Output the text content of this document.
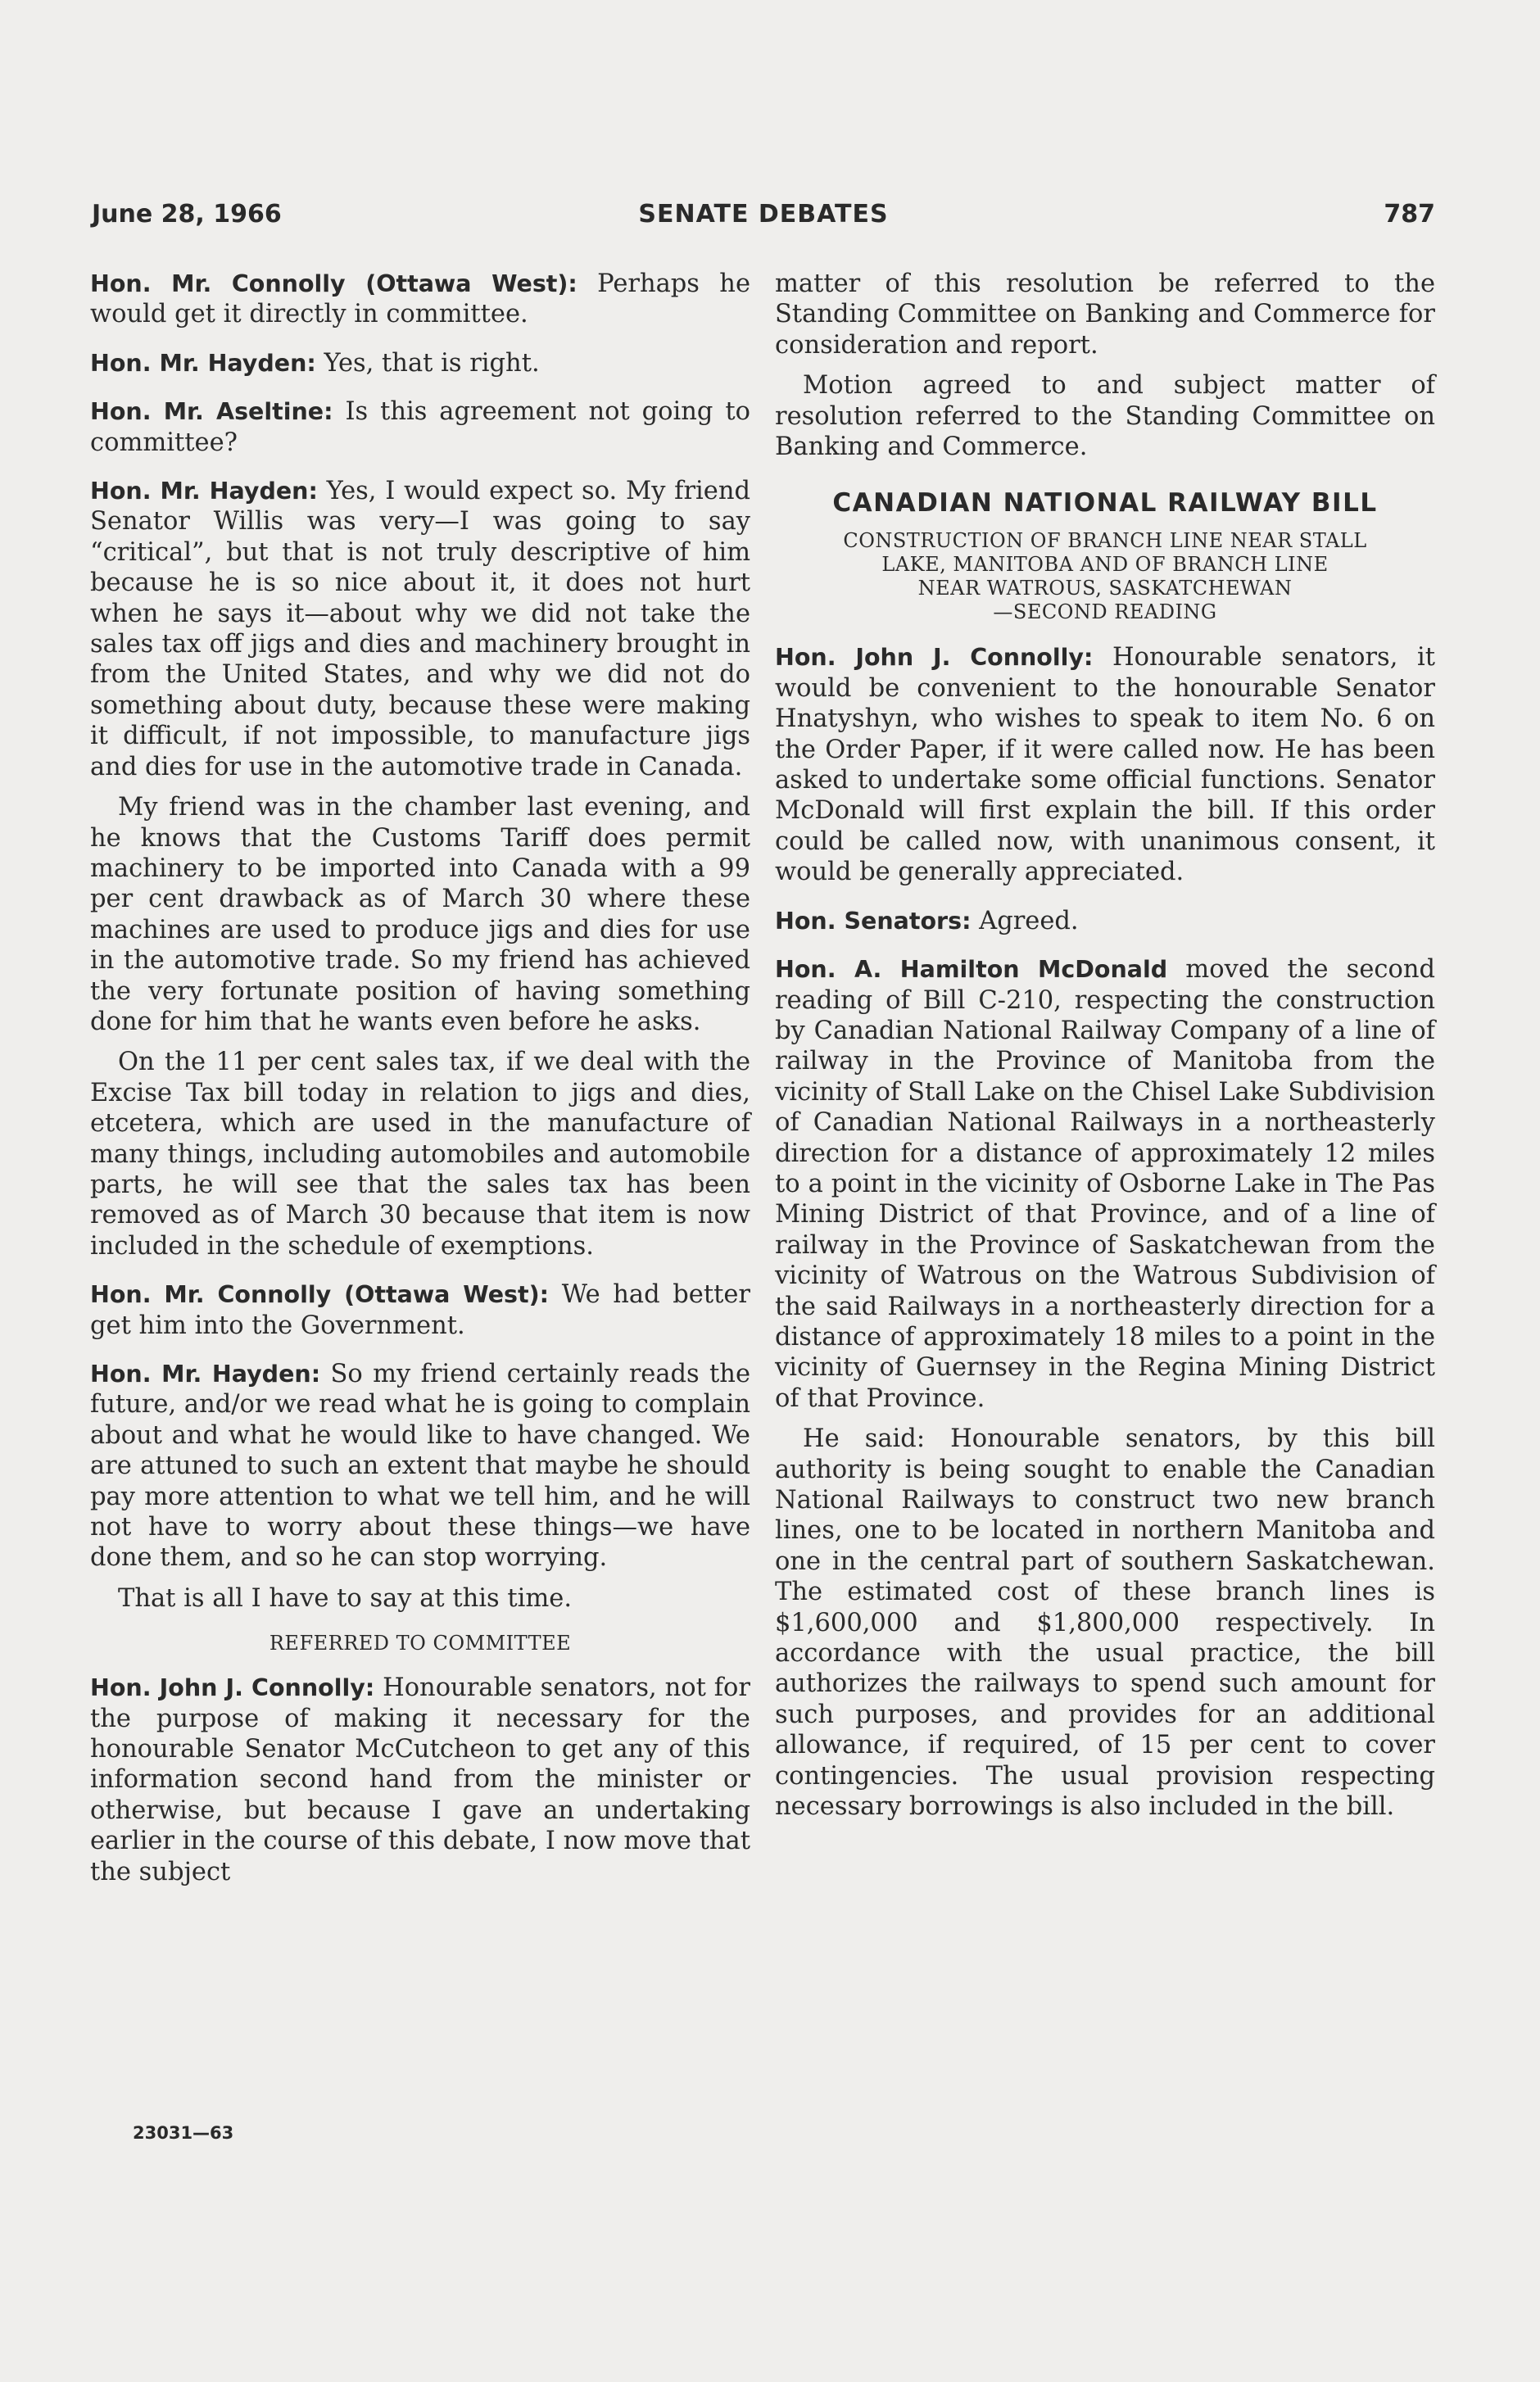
June 28, 1966	SENATE DEBATES	787

Hon. Mr. Connolly (Ottawa West): Perhaps he would get it directly in committee.

Hon. Mr. Hayden: Yes, that is right.

Hon. Mr. Aseltine: Is this agreement not going to committee?

Hon. Mr. Hayden: Yes, I would expect so. My friend Senator Willis was very—I was going to say “critical”, but that is not truly descriptive of him because he is so nice about it, it does not hurt when he says it—about why we did not take the sales tax off jigs and dies and machinery brought in from the United States, and why we did not do something about duty, because these were making it difficult, if not impossible, to manufacture jigs and dies for use in the automotive trade in Canada.

My friend was in the chamber last evening, and he knows that the Customs Tariff does permit machinery to be imported into Canada with a 99 per cent drawback as of March 30 where these machines are used to produce jigs and dies for use in the automotive trade. So my friend has achieved the very fortunate position of having something done for him that he wants even before he asks.

On the 11 per cent sales tax, if we deal with the Excise Tax bill today in relation to jigs and dies, etcetera, which are used in the manufacture of many things, including automobiles and automobile parts, he will see that the sales tax has been removed as of March 30 because that item is now included in the schedule of exemptions.

Hon. Mr. Connolly (Ottawa West): We had better get him into the Government.

Hon. Mr. Hayden: So my friend certainly reads the future, and/or we read what he is going to complain about and what he would like to have changed. We are attuned to such an extent that maybe he should pay more attention to what we tell him, and he will not have to worry about these things—we have done them, and so he can stop worrying.

That is all I have to say at this time.

REFERRED TO COMMITTEE

Hon. John J. Connolly: Honourable senators, not for the purpose of making it necessary for the honourable Senator McCutcheon to get any of this information second hand from the minister or otherwise, but because I gave an undertaking earlier in the course of this debate, I now move that the subject

matter of this resolution be referred to the Standing Committee on Banking and Commerce for consideration and report.

Motion agreed to and subject matter of resolution referred to the Standing Committee on Banking and Commerce.

CANADIAN NATIONAL RAILWAY BILL
CONSTRUCTION OF BRANCH LINE NEAR STALL
LAKE, MANITOBA AND OF BRANCH LINE
NEAR WATROUS, SASKATCHEWAN
—SECOND READING

Hon. John J. Connolly: Honourable senators, it would be convenient to the honourable Senator Hnatyshyn, who wishes to speak to item No. 6 on the Order Paper, if it were called now. He has been asked to undertake some official functions. Senator McDonald will first explain the bill. If this order could be called now, with unanimous consent, it would be generally appreciated.

Hon. Senators: Agreed.

Hon. A. Hamilton McDonald moved the second reading of Bill C-210, respecting the construction by Canadian National Railway Company of a line of railway in the Province of Manitoba from the vicinity of Stall Lake on the Chisel Lake Subdivision of Canadian National Railways in a northeasterly direction for a distance of approximately 12 miles to a point in the vicinity of Osborne Lake in The Pas Mining District of that Province, and of a line of railway in the Province of Saskatchewan from the vicinity of Watrous on the Watrous Subdivision of the said Railways in a northeasterly direction for a distance of approximately 18 miles to a point in the vicinity of Guernsey in the Regina Mining District of that Province.

He said: Honourable senators, by this bill authority is being sought to enable the Canadian National Railways to construct two new branch lines, one to be located in northern Manitoba and one in the central part of southern Saskatchewan. The estimated cost of these branch lines is $1,600,000 and $1,800,000 respectively. In accordance with the usual practice, the bill authorizes the railways to spend such amount for such purposes, and provides for an additional allowance, if required, of 15 per cent to cover contingencies. The usual provision respecting necessary borrowings is also included in the bill.

23031—63
